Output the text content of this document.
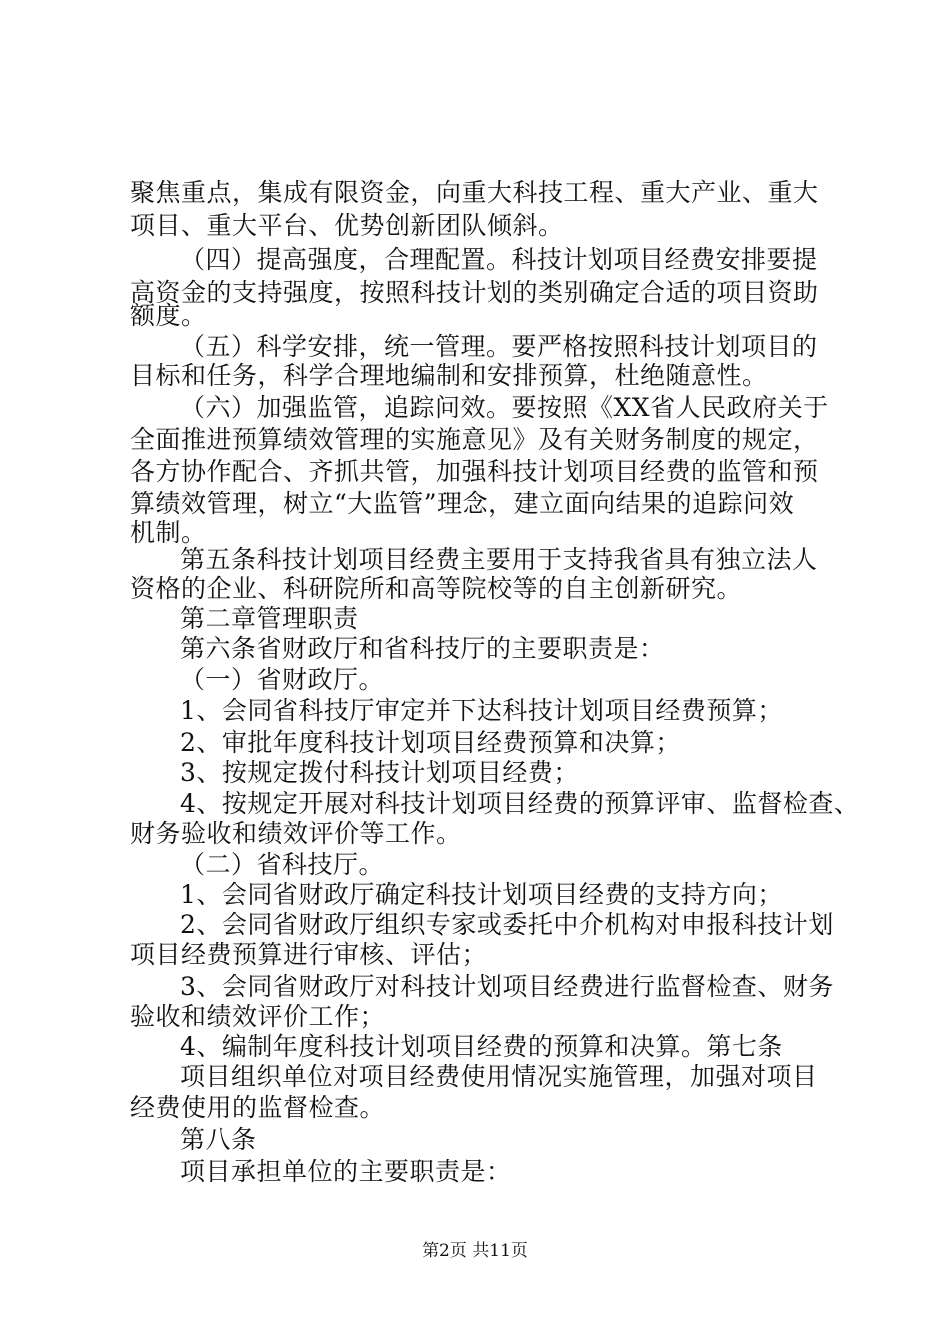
聚焦重点，集成有限资金，向重大科技工程、重大产业、重大
项目、重大平台、优势创新团队倾斜。
（四）提高强度，合理配置。科技计划项目经费安排要提
高资金的支持强度，按照科技计划的类别确定合适的项目资助
额度。
（五）科学安排，统一管理。要严格按照科技计划项目的
目标和任务，科学合理地编制和安排预算，杜绝随意性。
（六）加强监管，追踪问效。要按照《XX省人民政府关于
全面推进预算绩效管理的实施意见》及有关财务制度的规定，
各方协作配合、齐抓共管，加强科技计划项目经费的监管和预
算绩效管理，树立“大监管”理念，建立面向结果的追踪问效
机制。
第五条科技计划项目经费主要用于支持我省具有独立法人
资格的企业、科研院所和高等院校等的自主创新研究。
第二章管理职责
第六条省财政厅和省科技厅的主要职责是：
（一）省财政厅。
1、会同省科技厅审定并下达科技计划项目经费预算；
2、审批年度科技计划项目经费预算和决算；
3、按规定拨付科技计划项目经费；
4、按规定开展对科技计划项目经费的预算评审、监督检查、
财务验收和绩效评价等工作。
（二）省科技厅。
1、会同省财政厅确定科技计划项目经费的支持方向；
2、会同省财政厅组织专家或委托中介机构对申报科技计划
项目经费预算进行审核、评估；
3、会同省财政厅对科技计划项目经费进行监督检查、财务
验收和绩效评价工作；
4、编制年度科技计划项目经费的预算和决算。第七条
项目组织单位对项目经费使用情况实施管理，加强对项目
经费使用的监督检查。
第八条
项目承担单位的主要职责是：
第2页 共11页
